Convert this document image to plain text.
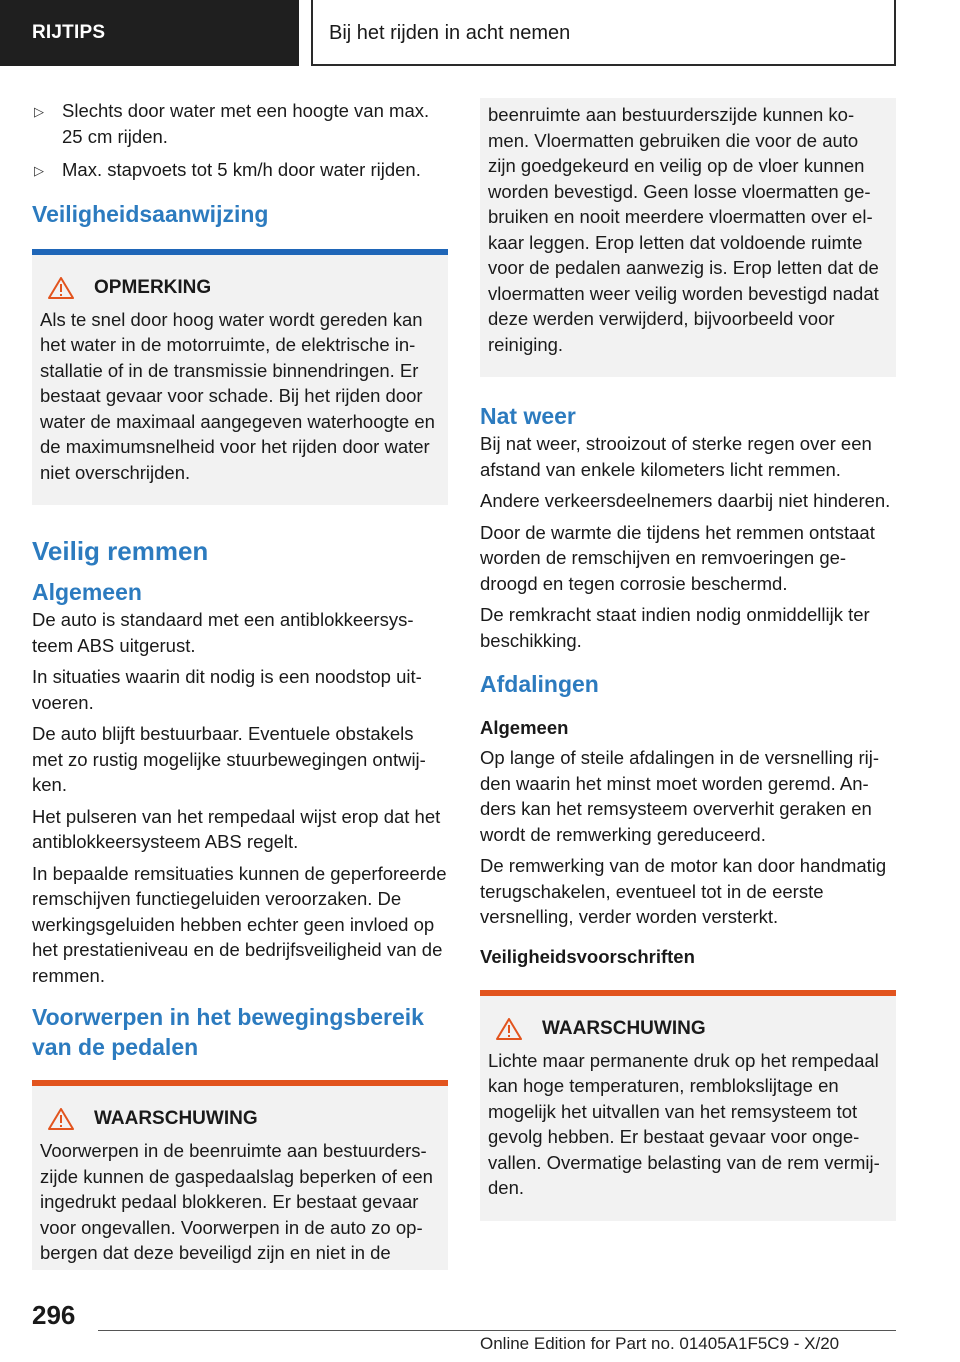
RIJTIPS	Bij het rijden in acht nemen
▷ Slechts door water met een hoogte van max. 25 cm rijden.
▷ Max. stapvoets tot 5 km/h door water rijden.
Veiligheidsaanwijzing
OPMERKING

Als te snel door hoog water wordt gereden kan het water in de motorruimte, de elektrische installatie of in de transmissie binnendringen. Er bestaat gevaar voor schade. Bij het rijden door water de maximaal aangegeven waterhoogte en de maximumsnelheid voor het rijden door water niet overschrijden.

Veilig remmen
Algemeen

De auto is standaard met een antiblokkeersysteem ABS uitgerust.

In situaties waarin dit nodig is een noodstop uitvoeren.

De auto blijft bestuurbaar. Eventuele obstakels met zo rustig mogelijke stuurbewegingen ontwijken.

Het pulseren van het rempedaal wijst erop dat het antiblokkeersysteem ABS regelt.

In bepaalde remsituaties kunnen de geperforeerde remschijven functiegeluiden veroorzaken. De werkingsgeluiden hebben echter geen invloed op het prestatieniveau en de bedrijfsveiligheid van de remmen.

Voorwerpen in het bewegingsbereik van de pedalen
WAARSCHUWING

Voorwerpen in de beenruimte aan bestuurderszijde kunnen de gaspedaalslag beperken of een ingedrukt pedaal blokkeren. Er bestaat gevaar voor ongevallen. Voorwerpen in de auto zo opbergen dat deze beveiligd zijn en niet in de

beenruimte aan bestuurderszijde kunnen komen. Vloermatten gebruiken die voor de auto zijn goedgekeurd en veilig op de vloer kunnen worden bevestigd. Geen losse vloermatten gebruiken en nooit meerdere vloermatten over elkaar leggen. Erop letten dat voldoende ruimte voor de pedalen aanwezig is. Erop letten dat de vloermatten weer veilig worden bevestigd nadat deze werden verwijderd, bijvoorbeeld voor reiniging.

Nat weer

Bij nat weer, strooizout of sterke regen over een afstand van enkele kilometers licht remmen.

Andere verkeersdeelnemers daarbij niet hinderen.

Door de warmte die tijdens het remmen ontstaat worden de remschijven en remvoeringen gedroogd en tegen corrosie beschermd.

De remkracht staat indien nodig onmiddellijk ter beschikking.

Afdalingen
Algemeen

Op lange of steile afdalingen in de versnelling rijden waarin het minst moet worden geremd. Anders kan het remsysteem oververhit geraken en wordt de remwerking gereduceerd.

De remwerking van de motor kan door handmatig terugschakelen, eventueel tot in de eerste versnelling, verder worden versterkt.

Veiligheidsvoorschriften
WAARSCHUWING

Lichte maar permanente druk op het rempedaal kan hoge temperaturen, remblokslijtage en mogelijk het uitvallen van het remsysteem tot gevolg hebben. Er bestaat gevaar voor ongevallen. Overmatige belasting van de rem vermijden.

296
Online Edition for Part no. 01405A1F5C9 - X/20
